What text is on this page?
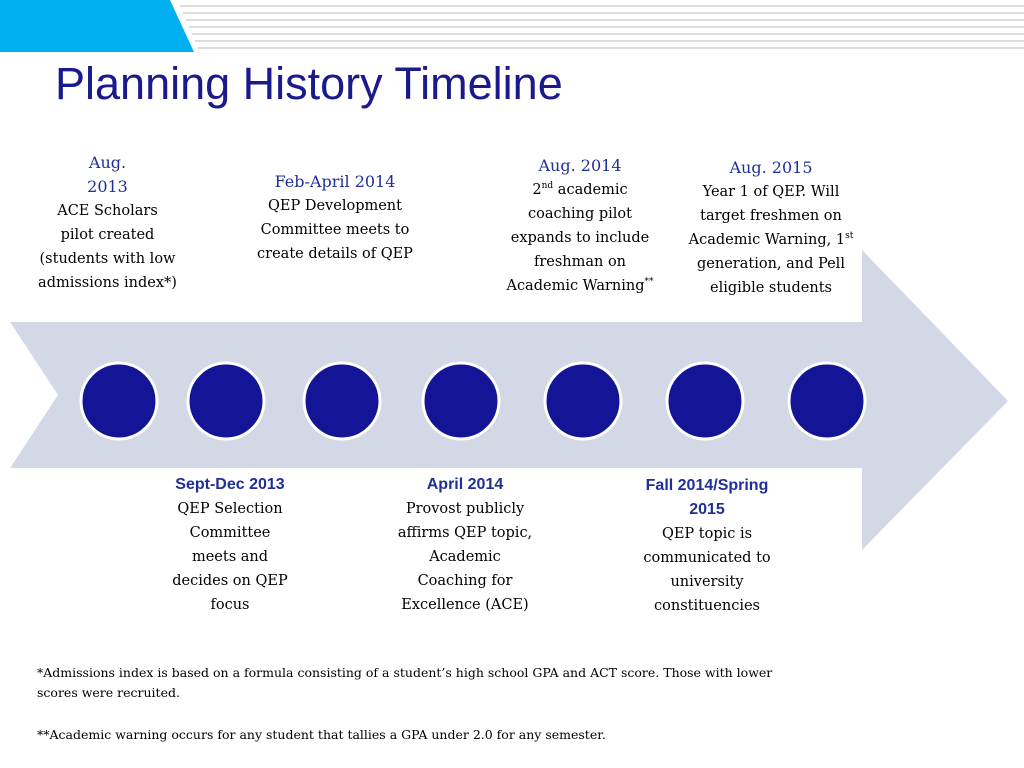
Planning History Timeline
Aug.
2013
ACE Scholars
pilot created
(students with low
admissions index*)
Feb-April 2014
QEP Development
Committee meets to
create details of QEP
Aug. 2014
2nd academic
coaching pilot
expands to include
freshman on
Academic Warning**
Aug. 2015
Year 1 of QEP. Will
target freshmen on
Academic Warning, 1st
generation, and Pell
eligible students
Sept-Dec 2013
QEP Selection
Committee
meets and
decides on QEP
focus
April 2014
Provost publicly
affirms QEP topic,
Academic
Coaching for
Excellence (ACE)
Fall 2014/Spring
2015
QEP topic is
communicated to
university
constituencies
*Admissions index is based on a formula consisting of a student’s high school GPA and ACT score. Those with lower
scores were recruited.
**Academic warning occurs for any student that tallies a GPA under 2.0 for any semester.
